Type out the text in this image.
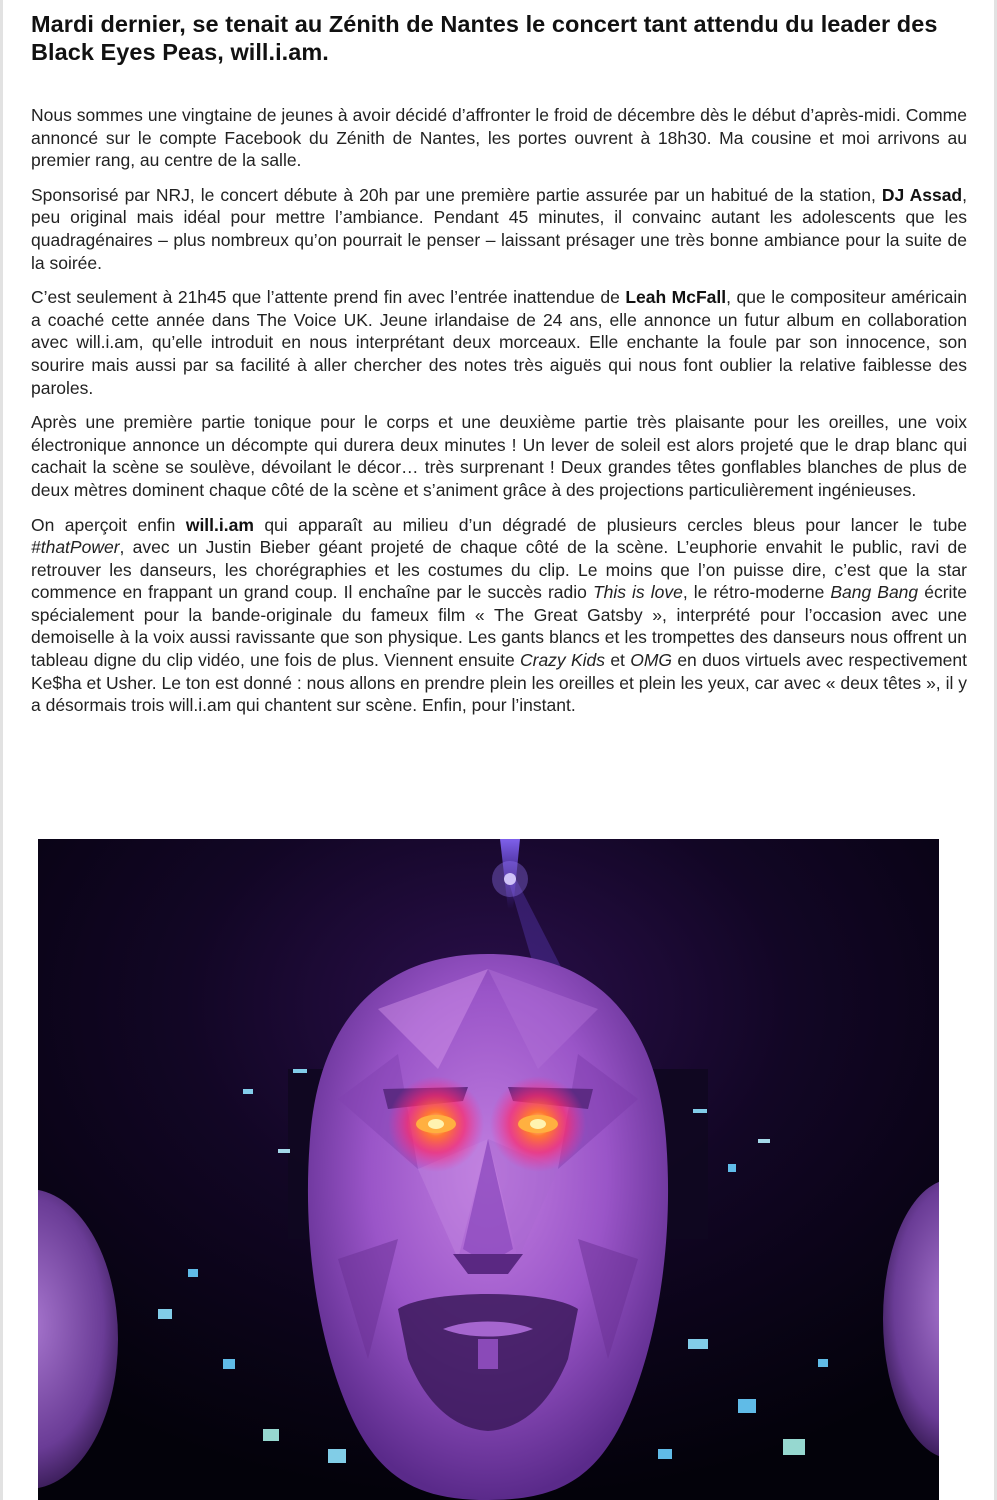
Mardi dernier, se tenait au Zénith de Nantes le concert tant attendu du leader des Black Eyes Peas, will.i.am.

Nous sommes une vingtaine de jeunes à avoir décidé d’affronter le froid de décembre dès le début d’après-midi. Comme annoncé sur le compte Facebook du Zénith de Nantes, les portes ouvrent à 18h30. Ma cousine et moi arrivons au premier rang, au centre de la salle.

Sponsorisé par NRJ, le concert débute à 20h par une première partie assurée par un habitué de la station, DJ Assad, peu original mais idéal pour mettre l’ambiance. Pendant 45 minutes, il convainc autant les adolescents que les quadragénaires – plus nombreux qu’on pourrait le penser – laissant présager une très bonne ambiance pour la suite de la soirée.

C’est seulement à 21h45 que l’attente prend fin avec l’entrée inattendue de Leah McFall, que le compositeur américain a coaché cette année dans The Voice UK. Jeune irlandaise de 24 ans, elle annonce un futur album en collaboration avec will.i.am, qu’elle introduit en nous interprétant deux morceaux. Elle enchante la foule par son innocence, son sourire mais aussi par sa facilité à aller chercher des notes très aiguës qui nous font oublier la relative faiblesse des paroles.

Après une première partie tonique pour le corps et une deuxième partie très plaisante pour les oreilles, une voix électronique annonce un décompte qui durera deux minutes ! Un lever de soleil est alors projeté que le drap blanc qui cachait la scène se soulève, dévoilant le décor… très surprenant ! Deux grandes têtes gonflables blanches de plus de deux mètres dominent chaque côté de la scène et s’animent grâce à des projections particulièrement ingénieuses.

On aperçoit enfin will.i.am qui apparaît au milieu d’un dégradé de plusieurs cercles bleus pour lancer le tube #thatPower, avec un Justin Bieber géant projeté de chaque côté de la scène. L’euphorie envahit le public, ravi de retrouver les danseurs, les chorégraphies et les costumes du clip. Le moins que l’on puisse dire, c’est que la star commence en frappant un grand coup. Il enchaîne par le succès radio This is love, le rétro-moderne Bang Bang écrite spécialement pour la bande-originale du fameux film « The Great Gatsby », interprété pour l’occasion avec une demoiselle à la voix aussi ravissante que son physique. Les gants blancs et les trompettes des danseurs nous offrent un tableau digne du clip vidéo, une fois de plus. Viennent ensuite Crazy Kids et OMG en duos virtuels avec respectivement Ke$ha et Usher. Le ton est donné : nous allons en prendre plein les oreilles et plein les yeux, car avec « deux têtes », il y a désormais trois will.i.am qui chantent sur scène. Enfin, pour l’instant.
